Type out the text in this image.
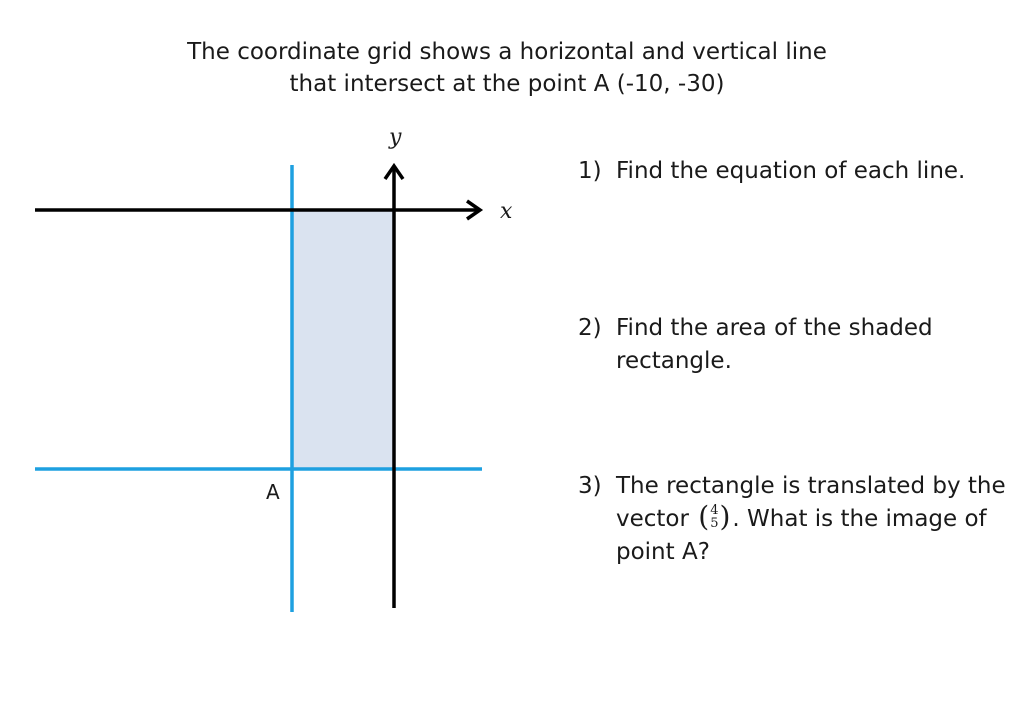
The coordinate grid shows a horizontal and vertical line
that intersect at the point A (-10, -30)
x
y
A
1) Find the equation of each line.
2) Find the area of the shaded rectangle.
3) The rectangle is translated by the vector ( 4
5 ). What is the image of point A?
